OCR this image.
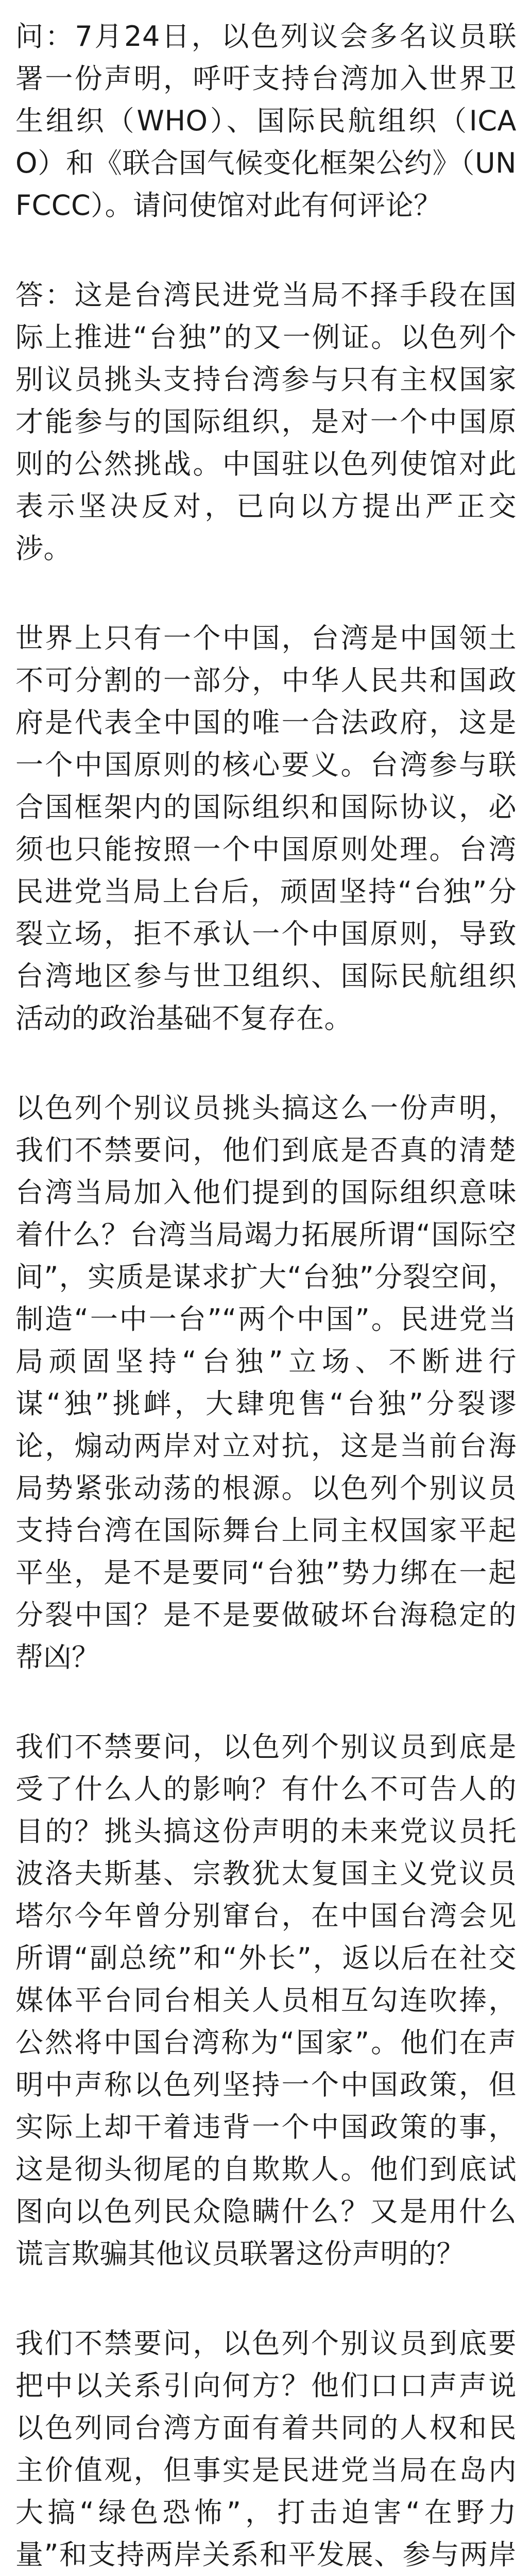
问：7月24日，以色列议会多名议员联署一份声明，呼吁支持台湾加入世界卫生组织（WHO）、国际民航组织（ICAO）和《联合国气候变化框架公约》（UNFCCC）。请问使馆对此有何评论？

答：这是台湾民进党当局不择手段在国际上推进“台独”的又一例证。以色列个别议员挑头支持台湾参与只有主权国家才能参与的国际组织，是对一个中国原则的公然挑战。中国驻以色列使馆对此表示坚决反对，已向以方提出严正交涉。

世界上只有一个中国，台湾是中国领土不可分割的一部分，中华人民共和国政府是代表全中国的唯一合法政府，这是一个中国原则的核心要义。台湾参与联合国框架内的国际组织和国际协议，必须也只能按照一个中国原则处理。台湾民进党当局上台后，顽固坚持“台独”分裂立场，拒不承认一个中国原则，导致台湾地区参与世卫组织、国际民航组织活动的政治基础不复存在。

以色列个别议员挑头搞这么一份声明，我们不禁要问，他们到底是否真的清楚台湾当局加入他们提到的国际组织意味着什么？台湾当局竭力拓展所谓“国际空间”，实质是谋求扩大“台独”分裂空间，制造“一中一台”“两个中国”。民进党当局顽固坚持“台独”立场、不断进行谋“独”挑衅，大肆兜售“台独”分裂谬论，煽动两岸对立对抗，这是当前台海局势紧张动荡的根源。以色列个别议员支持台湾在国际舞台上同主权国家平起平坐，是不是要同“台独”势力绑在一起分裂中国？是不是要做破坏台海稳定的帮凶？

我们不禁要问，以色列个别议员到底是受了什么人的影响？有什么不可告人的目的？挑头搞这份声明的未来党议员托波洛夫斯基、宗教犹太复国主义党议员塔尔今年曾分别窜台，在中国台湾会见所谓“副总统”和“外长”，返以后在社交媒体平台同台相关人员相互勾连吹捧，公然将中国台湾称为“国家”。他们在声明中声称以色列坚持一个中国政策，但实际上却干着违背一个中国政策的事，这是彻头彻尾的自欺欺人。他们到底试图向以色列民众隐瞒什么？又是用什么谎言欺骗其他议员联署这份声明的？

我们不禁要问，以色列个别议员到底要把中以关系引向何方？他们口口声声说以色列同台湾方面有着共同的人权和民主价值观，但事实是民进党当局在岛内大搞“绿色恐怖”，打击迫害“在野力量”和支持两岸关系和平发展、参与两岸
